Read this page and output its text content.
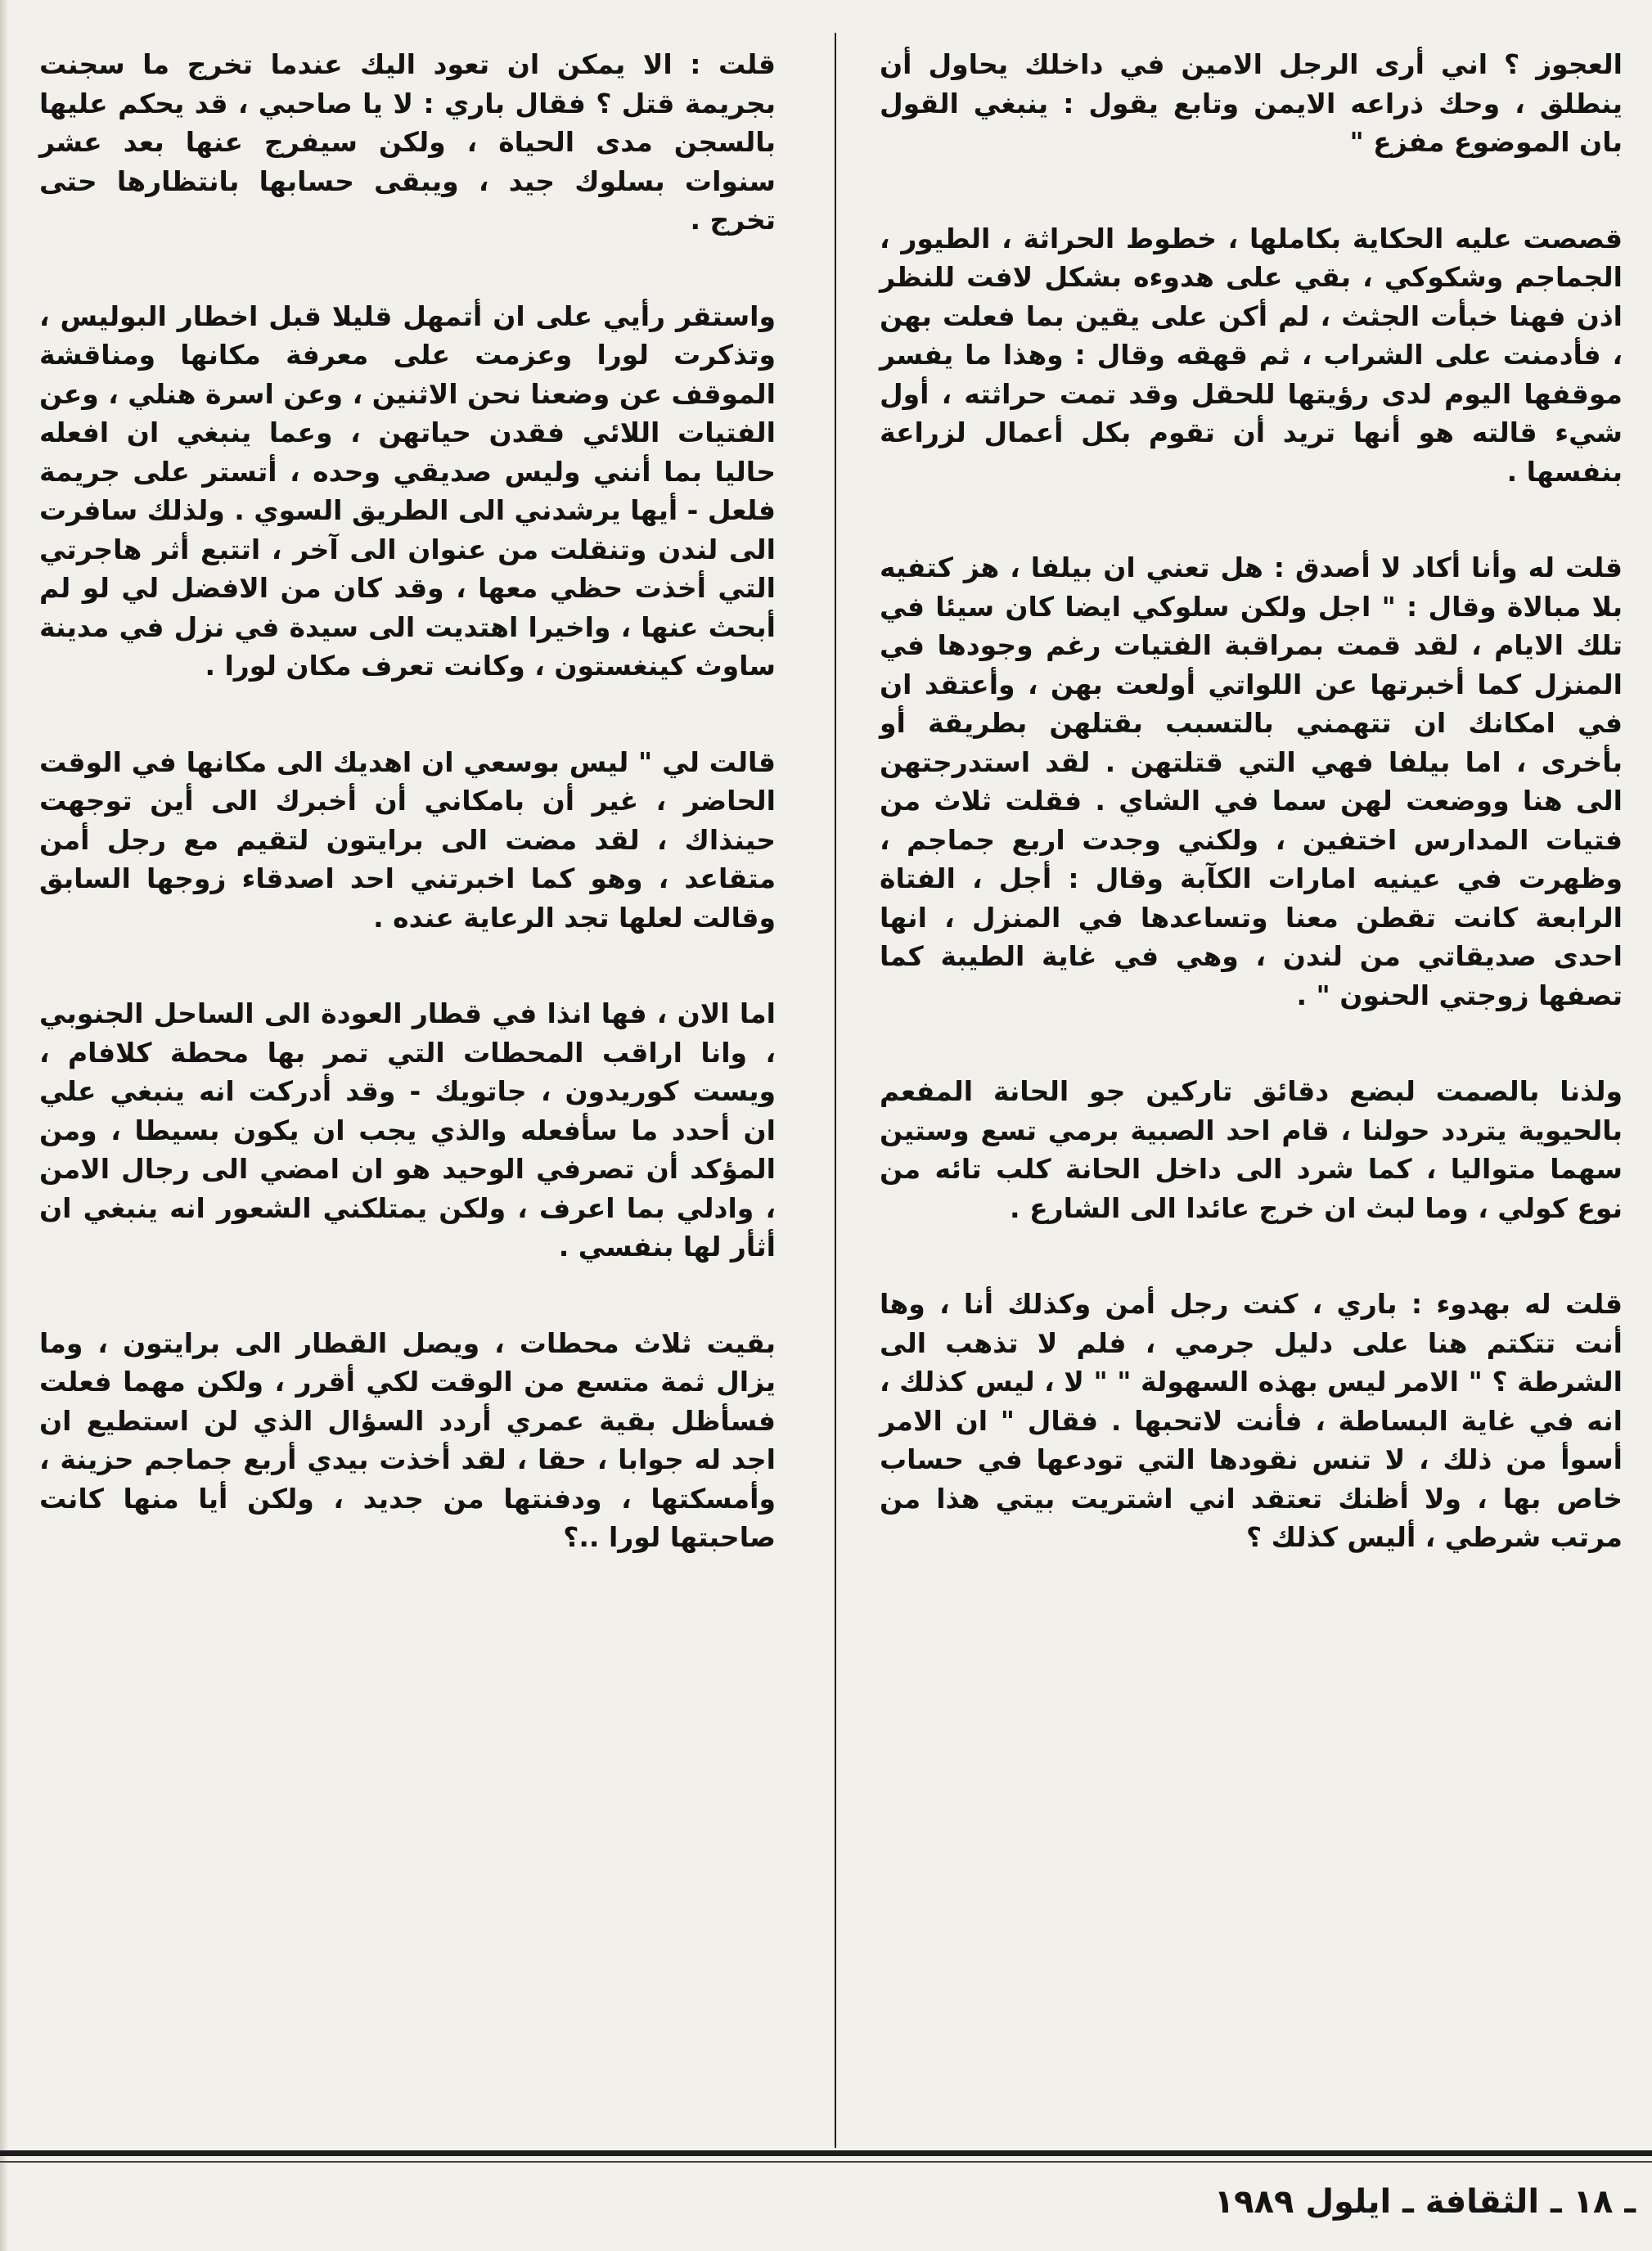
العجوز ؟ اني أرى الرجل الامين في داخلك يحاول أن ينطلق ، وحك ذراعه الايمن وتابع يقول : ينبغي القول بان الموضوع مفزع "

قصصت عليه الحكاية بكاملها ، خطوط الحراثة ، الطيور ، الجماجم وشكوكي ، بقي على هدوءه بشكل لافت للنظر اذن فهنا خبأت الجثث ، لم أكن على يقين بما فعلت بهن ، فأدمنت على الشراب ، ثم قهقه وقال : وهذا ما يفسر موقفها اليوم لدى رؤيتها للحقل وقد تمت حراثته ، أول شيء قالته هو أنها تريد أن تقوم بكل أعمال لزراعة بنفسها .

قلت له وأنا أكاد لا أصدق : هل تعني ان بيلفا ، هز كتفيه بلا مبالاة وقال : " اجل ولكن سلوكي ايضا كان سيئا في تلك الايام ، لقد قمت بمراقبة الفتيات رغم وجودها في المنزل كما أخبرتها عن اللواتي أولعت بهن ، وأعتقد ان في امكانك ان تتهمني بالتسبب بقتلهن بطريقة أو بأخرى ، اما بيلفا فهي التي قتلتهن . لقد استدرجتهن الى هنا ووضعت لهن سما في الشاي . فقلت ثلاث من فتيات المدارس اختفين ، ولكني وجدت اربع جماجم ، وظهرت في عينيه امارات الكآبة وقال : أجل ، الفتاة الرابعة كانت تقطن معنا وتساعدها في المنزل ، انها احدى صديقاتي من لندن ، وهي في غاية الطيبة كما تصفها زوجتي الحنون " .

ولذنا بالصمت لبضع دقائق تاركين جو الحانة المفعم بالحيوية يتردد حولنا ، قام احد الصبية برمي تسع وستين سهما متواليا ، كما شرد الى داخل الحانة كلب تائه من نوع كولي ، وما لبث ان خرج عائدا الى الشارع .

قلت له بهدوء : باري ، كنت رجل أمن وكذلك أنا ، وها أنت تتكتم هنا على دليل جرمي ، فلم لا تذهب الى الشرطة ؟ " الامر ليس بهذه السهولة " " لا ، ليس كذلك ، انه في غاية البساطة ، فأنت لاتحبها . فقال " ان الامر أسوأ من ذلك ، لا تنس نقودها التي تودعها في حساب خاص بها ، ولا أظنك تعتقد اني اشتريت بيتي هذا من مرتب شرطي ، أليس كذلك ؟

قلت : الا يمكن ان تعود اليك عندما تخرج ما سجنت بجريمة قتل ؟ فقال باري : لا يا صاحبي ، قد يحكم عليها بالسجن مدى الحياة ، ولكن سيفرج عنها بعد عشر سنوات بسلوك جيد ، ويبقى حسابها بانتظارها حتى تخرج .

واستقر رأيي على ان أتمهل قليلا قبل اخطار البوليس ، وتذكرت لورا وعزمت على معرفة مكانها ومناقشة الموقف عن وضعنا نحن الاثنين ، وعن اسرة هنلي ، وعن الفتيات اللائي فقدن حياتهن ، وعما ينبغي ان افعله حاليا بما أنني وليس صديقي وحده ، أتستر على جريمة فلعل - أيها يرشدني الى الطريق السوي . ولذلك سافرت الى لندن وتنقلت من عنوان الى آخر ، اتتبع أثر هاجرتي التي أخذت حظي معها ، وقد كان من الافضل لي لو لم أبحث عنها ، واخيرا اهتديت الى سيدة في نزل في مدينة ساوث كينغستون ، وكانت تعرف مكان لورا .

قالت لي " ليس بوسعي ان اهديك الى مكانها في الوقت الحاضر ، غير أن بامكاني أن أخبرك الى أين توجهت حينذاك ، لقد مضت الى برايتون لتقيم مع رجل أمن متقاعد ، وهو كما اخبرتني احد اصدقاء زوجها السابق وقالت لعلها تجد الرعاية عنده .

اما الان ، فها انذا في قطار العودة الى الساحل الجنوبي ، وانا اراقب المحطات التي تمر بها محطة كلافام ، ويست كوريدون ، جاتويك - وقد أدركت انه ينبغي علي ان أحدد ما سأفعله والذي يجب ان يكون بسيطا ، ومن المؤكد أن تصرفي الوحيد هو ان امضي الى رجال الامن ، وادلي بما اعرف ، ولكن يمتلكني الشعور انه ينبغي ان أثأر لها بنفسي .

بقيت ثلاث محطات ، ويصل القطار الى برايتون ، وما يزال ثمة متسع من الوقت لكي أقرر ، ولكن مهما فعلت فسأظل بقية عمري أردد السؤال الذي لن استطيع ان اجد له جوابا ، حقا ، لقد أخذت بيدي أربع جماجم حزينة ، وأمسكتها ، ودفنتها من جديد ، ولكن أيا منها كانت صاحبتها لورا ..؟

ـ ١٨ ـ الثقافة ـ ايلول ١٩٨٩
